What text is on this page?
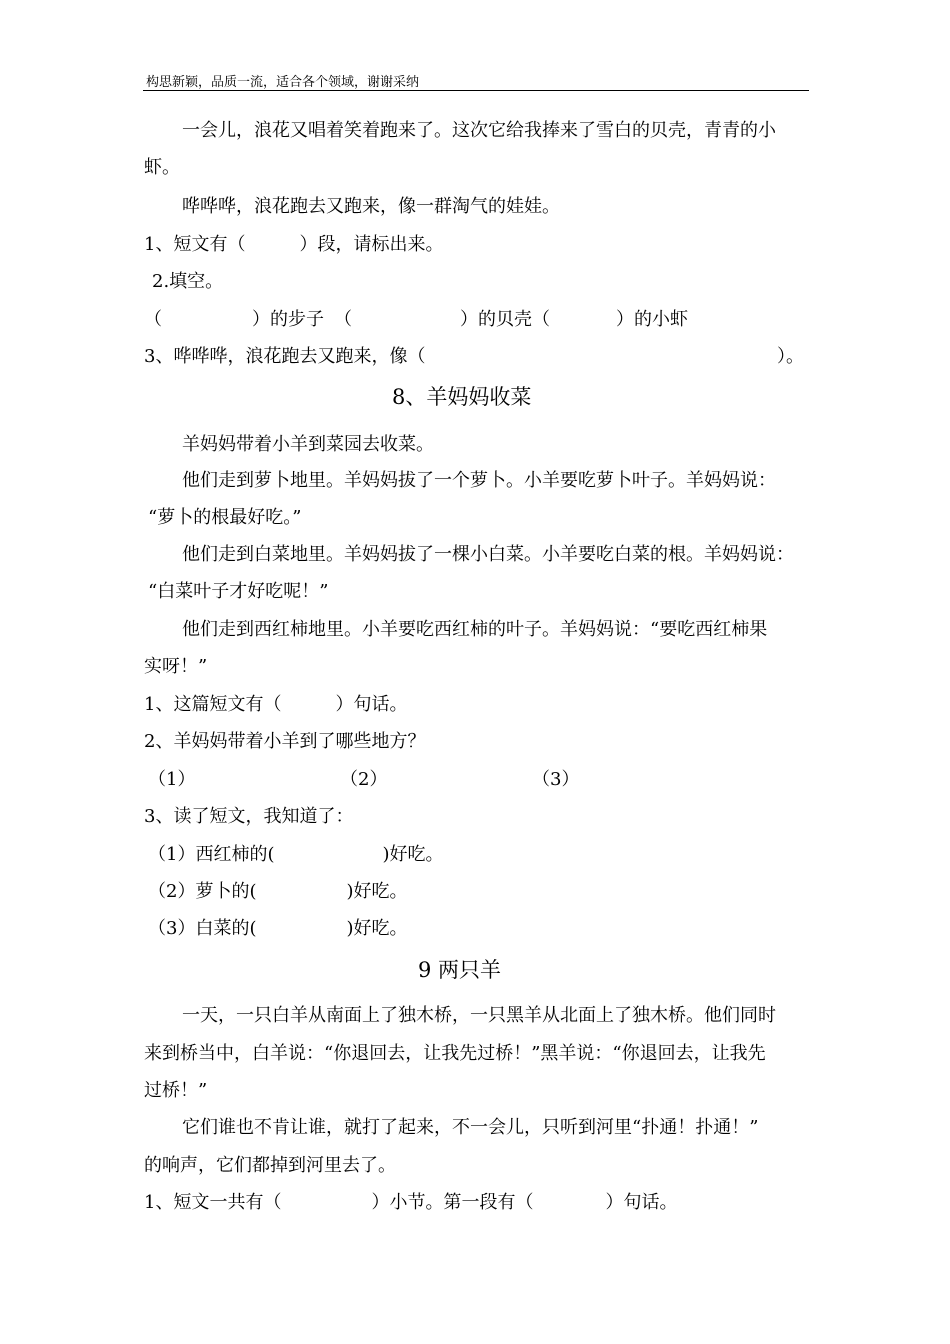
构思新颖，品质一流，适合各个领域，谢谢采纳
一会儿，浪花又唱着笑着跑来了。这次它给我捧来了雪白的贝壳，青青的小
虾。
哗哗哗，浪花跑去又跑来，像一群淘气的娃娃。
1、短文有（　　　）段，请标出来。
2.填空。
（　　　　　）的步子 （　　　　　　）的贝壳（	）的小虾
3、哗哗哗，浪花跑去又跑来，像（	）。
8、羊妈妈收菜
羊妈妈带着小羊到菜园去收菜。
他们走到萝卜地里。羊妈妈拔了一个萝卜。小羊要吃萝卜叶子。羊妈妈说：
“萝卜的根最好吃。”
他们走到白菜地里。羊妈妈拔了一棵小白菜。小羊要吃白菜的根。羊妈妈说：
“白菜叶子才好吃呢！”
他们走到西红柿地里。小羊要吃西红柿的叶子。羊妈妈说：“要吃西红柿果
实呀！”
1、这篇短文有（　　　）句话。
2、羊妈妈带着小羊到了哪些地方？
（1）	（2）	（3）
3、读了短文，我知道了：
（1）西红柿的(　　　　　　)好吃。
（2）萝卜的(　　　　　)好吃。
（3）白菜的(　　　　　)好吃。
9 两只羊
一天，一只白羊从南面上了独木桥，一只黑羊从北面上了独木桥。他们同时
来到桥当中，白羊说：“你退回去，让我先过桥！”黑羊说：“你退回去，让我先
过桥！”
它们谁也不肯让谁，就打了起来，不一会儿，只听到河里“扑通！扑通！”
的响声，它们都掉到河里去了。
1、短文一共有（　　　　　）小节。第一段有（　　　　）句话。
